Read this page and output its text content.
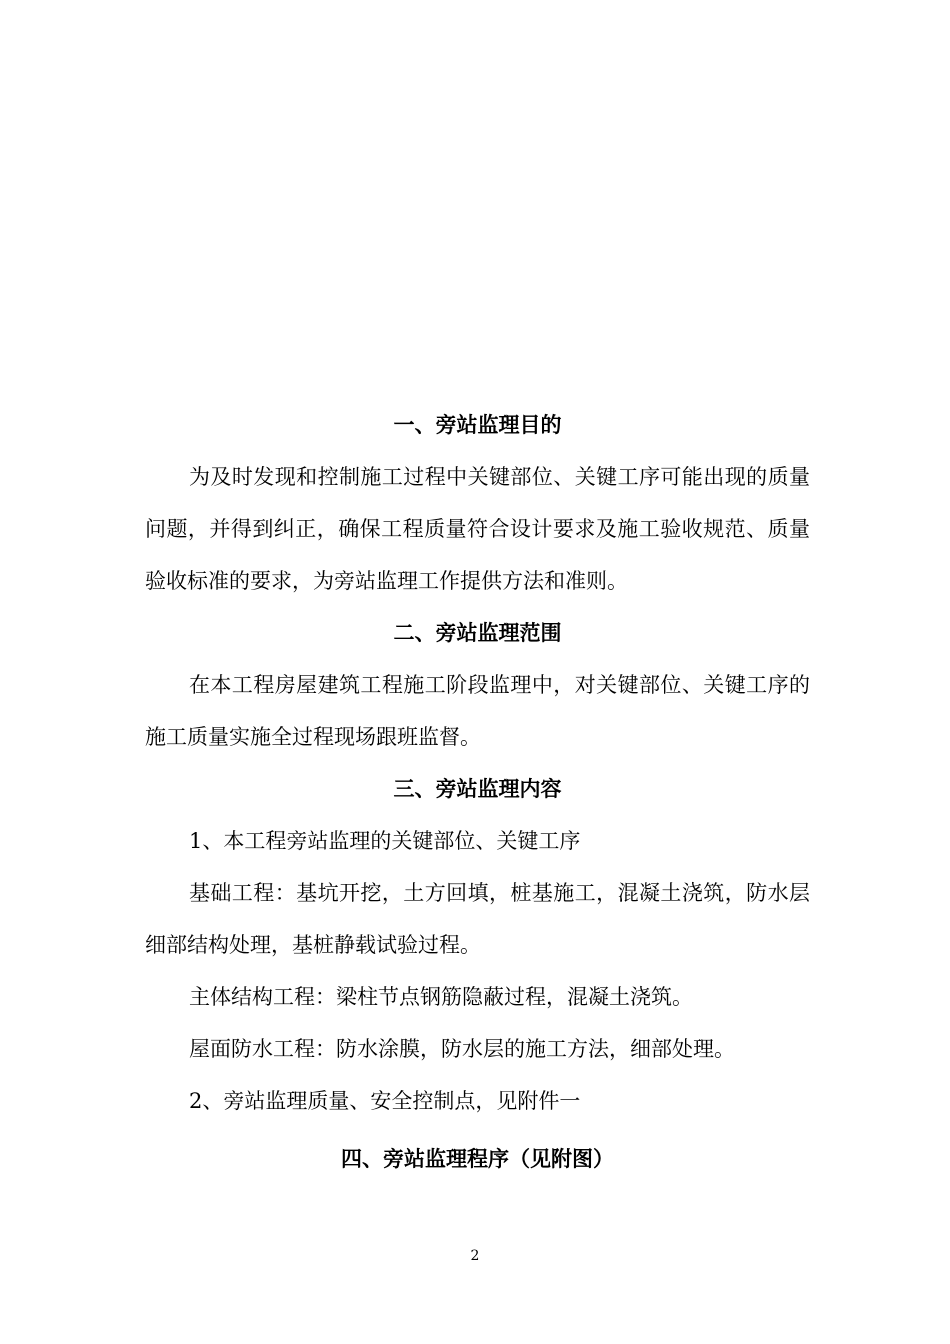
一、旁站监理目的

为及时发现和控制施工过程中关键部位、关键工序可能出现的质量问题，并得到纠正，确保工程质量符合设计要求及施工验收规范、质量验收标准的要求，为旁站监理工作提供方法和准则。

二、旁站监理范围

在本工程房屋建筑工程施工阶段监理中，对关键部位、关键工序的施工质量实施全过程现场跟班监督。

三、旁站监理内容

1、本工程旁站监理的关键部位、关键工序

基础工程：基坑开挖，土方回填，桩基施工，混凝土浇筑，防水层细部结构处理，基桩静载试验过程。

主体结构工程：梁柱节点钢筋隐蔽过程，混凝土浇筑。

屋面防水工程：防水涂膜，防水层的施工方法，细部处理。

2、旁站监理质量、安全控制点，见附件一

四、旁站监理程序（见附图）
2
